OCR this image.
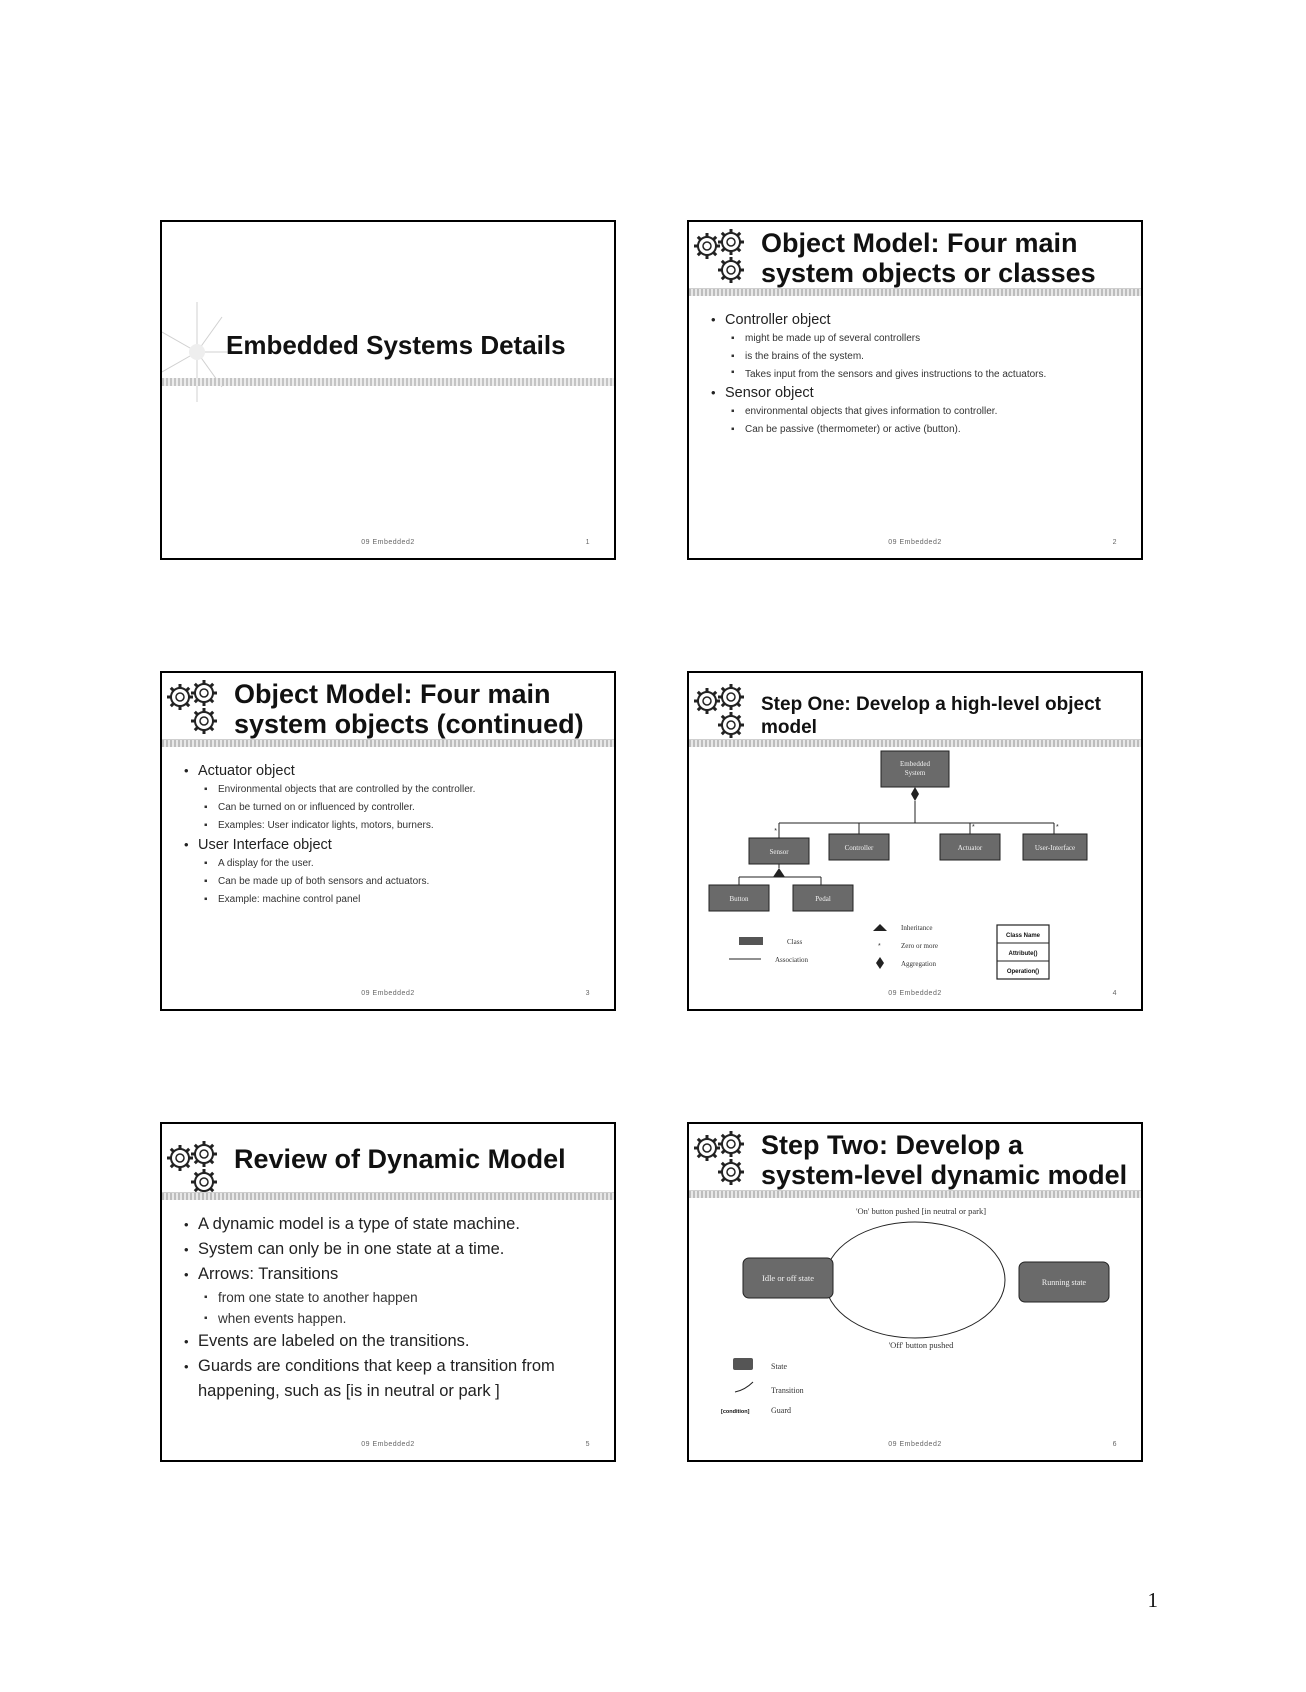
Embedded Systems Details
09 Embedded2	1
Object Model: Four main system objects or classes
• Controller object
▪ might be made up of several controllers
▪ is the brains of the system.
▪ Takes input from the sensors and gives instructions to the actuators.
• Sensor object
▪ environmental objects that gives information to controller.
▪ Can be passive (thermometer) or active (button).
09 Embedded2	2
Object Model: Four main system objects (continued)
• Actuator object
▪ Environmental objects that are controlled by the controller.
▪ Can be turned on or influenced by controller.
▪ Examples: User indicator lights, motors, burners.
• User Interface object
▪ A display for the user.
▪ Can be made up of both sensors and actuators.
▪ Example: machine control panel
09 Embedded2	3
Step One: Develop a high-level object model
Embedded System
*
*	*
Sensor	Controller	Actuator	User-Interface
Button	Pedal
Class
Association
Inheritance
*	Zero or more
Aggregation
Class Name
Attribute()
Operation()
09 Embedded2	4
Review of Dynamic Model
• A dynamic model is a type of state machine.
• System can only be in one state at a time.
• Arrows: Transitions
▪ from one state to another happen
▪ when events happen.
• Events are labeled on the transitions.
• Guards are conditions that keep a transition from happening, such as [is in neutral or park ]
09 Embedded2	5
Step Two: Develop a system-level dynamic model
'On' button pushed [in neutral or park]
Idle or off state	Running state
'Off' button pushed
State
Transition
[condition]	Guard
09 Embedded2	6
1
